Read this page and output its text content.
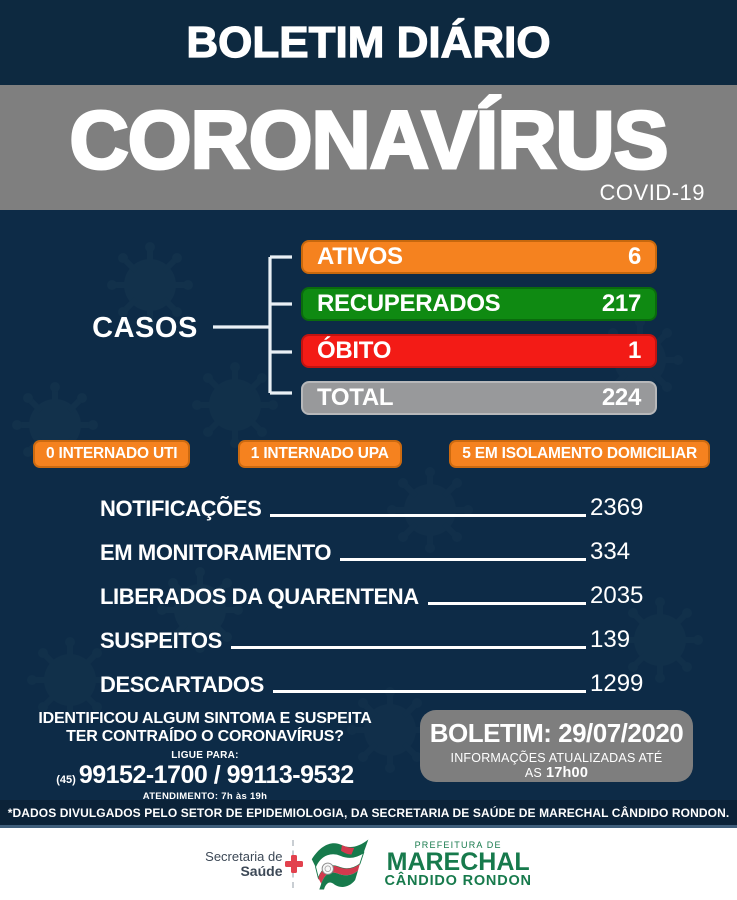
BOLETIM DIÁRIO
CORONAVÍRUS
COVID-19
CASOS
ATIVOS	6
RECUPERADOS	217
ÓBITO	1
TOTAL	224
0 INTERNADO UTI	1 INTERNADO UPA	5 EM ISOLAMENTO DOMICILIAR
NOTIFICAÇÕES	2369
EM MONITORAMENTO	334
LIBERADOS DA QUARENTENA	2035
SUSPEITOS	139
DESCARTADOS	1299
IDENTIFICOU ALGUM SINTOMA E SUSPEITA
TER CONTRAÍDO O CORONAVÍRUS?
LIGUE PARA:
(45) 99152-1700 / 99113-9532
ATENDIMENTO: 7h às 19h
BOLETIM: 29/07/2020
INFORMAÇÕES ATUALIZADAS ATÉ AS 17h00
*DADOS DIVULGADOS PELO SETOR DE EPIDEMIOLOGIA, DA SECRETARIA DE SAÚDE DE MARECHAL CÂNDIDO RONDON.
Secretaria de
Saúde
PREFEITURA DE
MARECHAL
CÂNDIDO RONDON
